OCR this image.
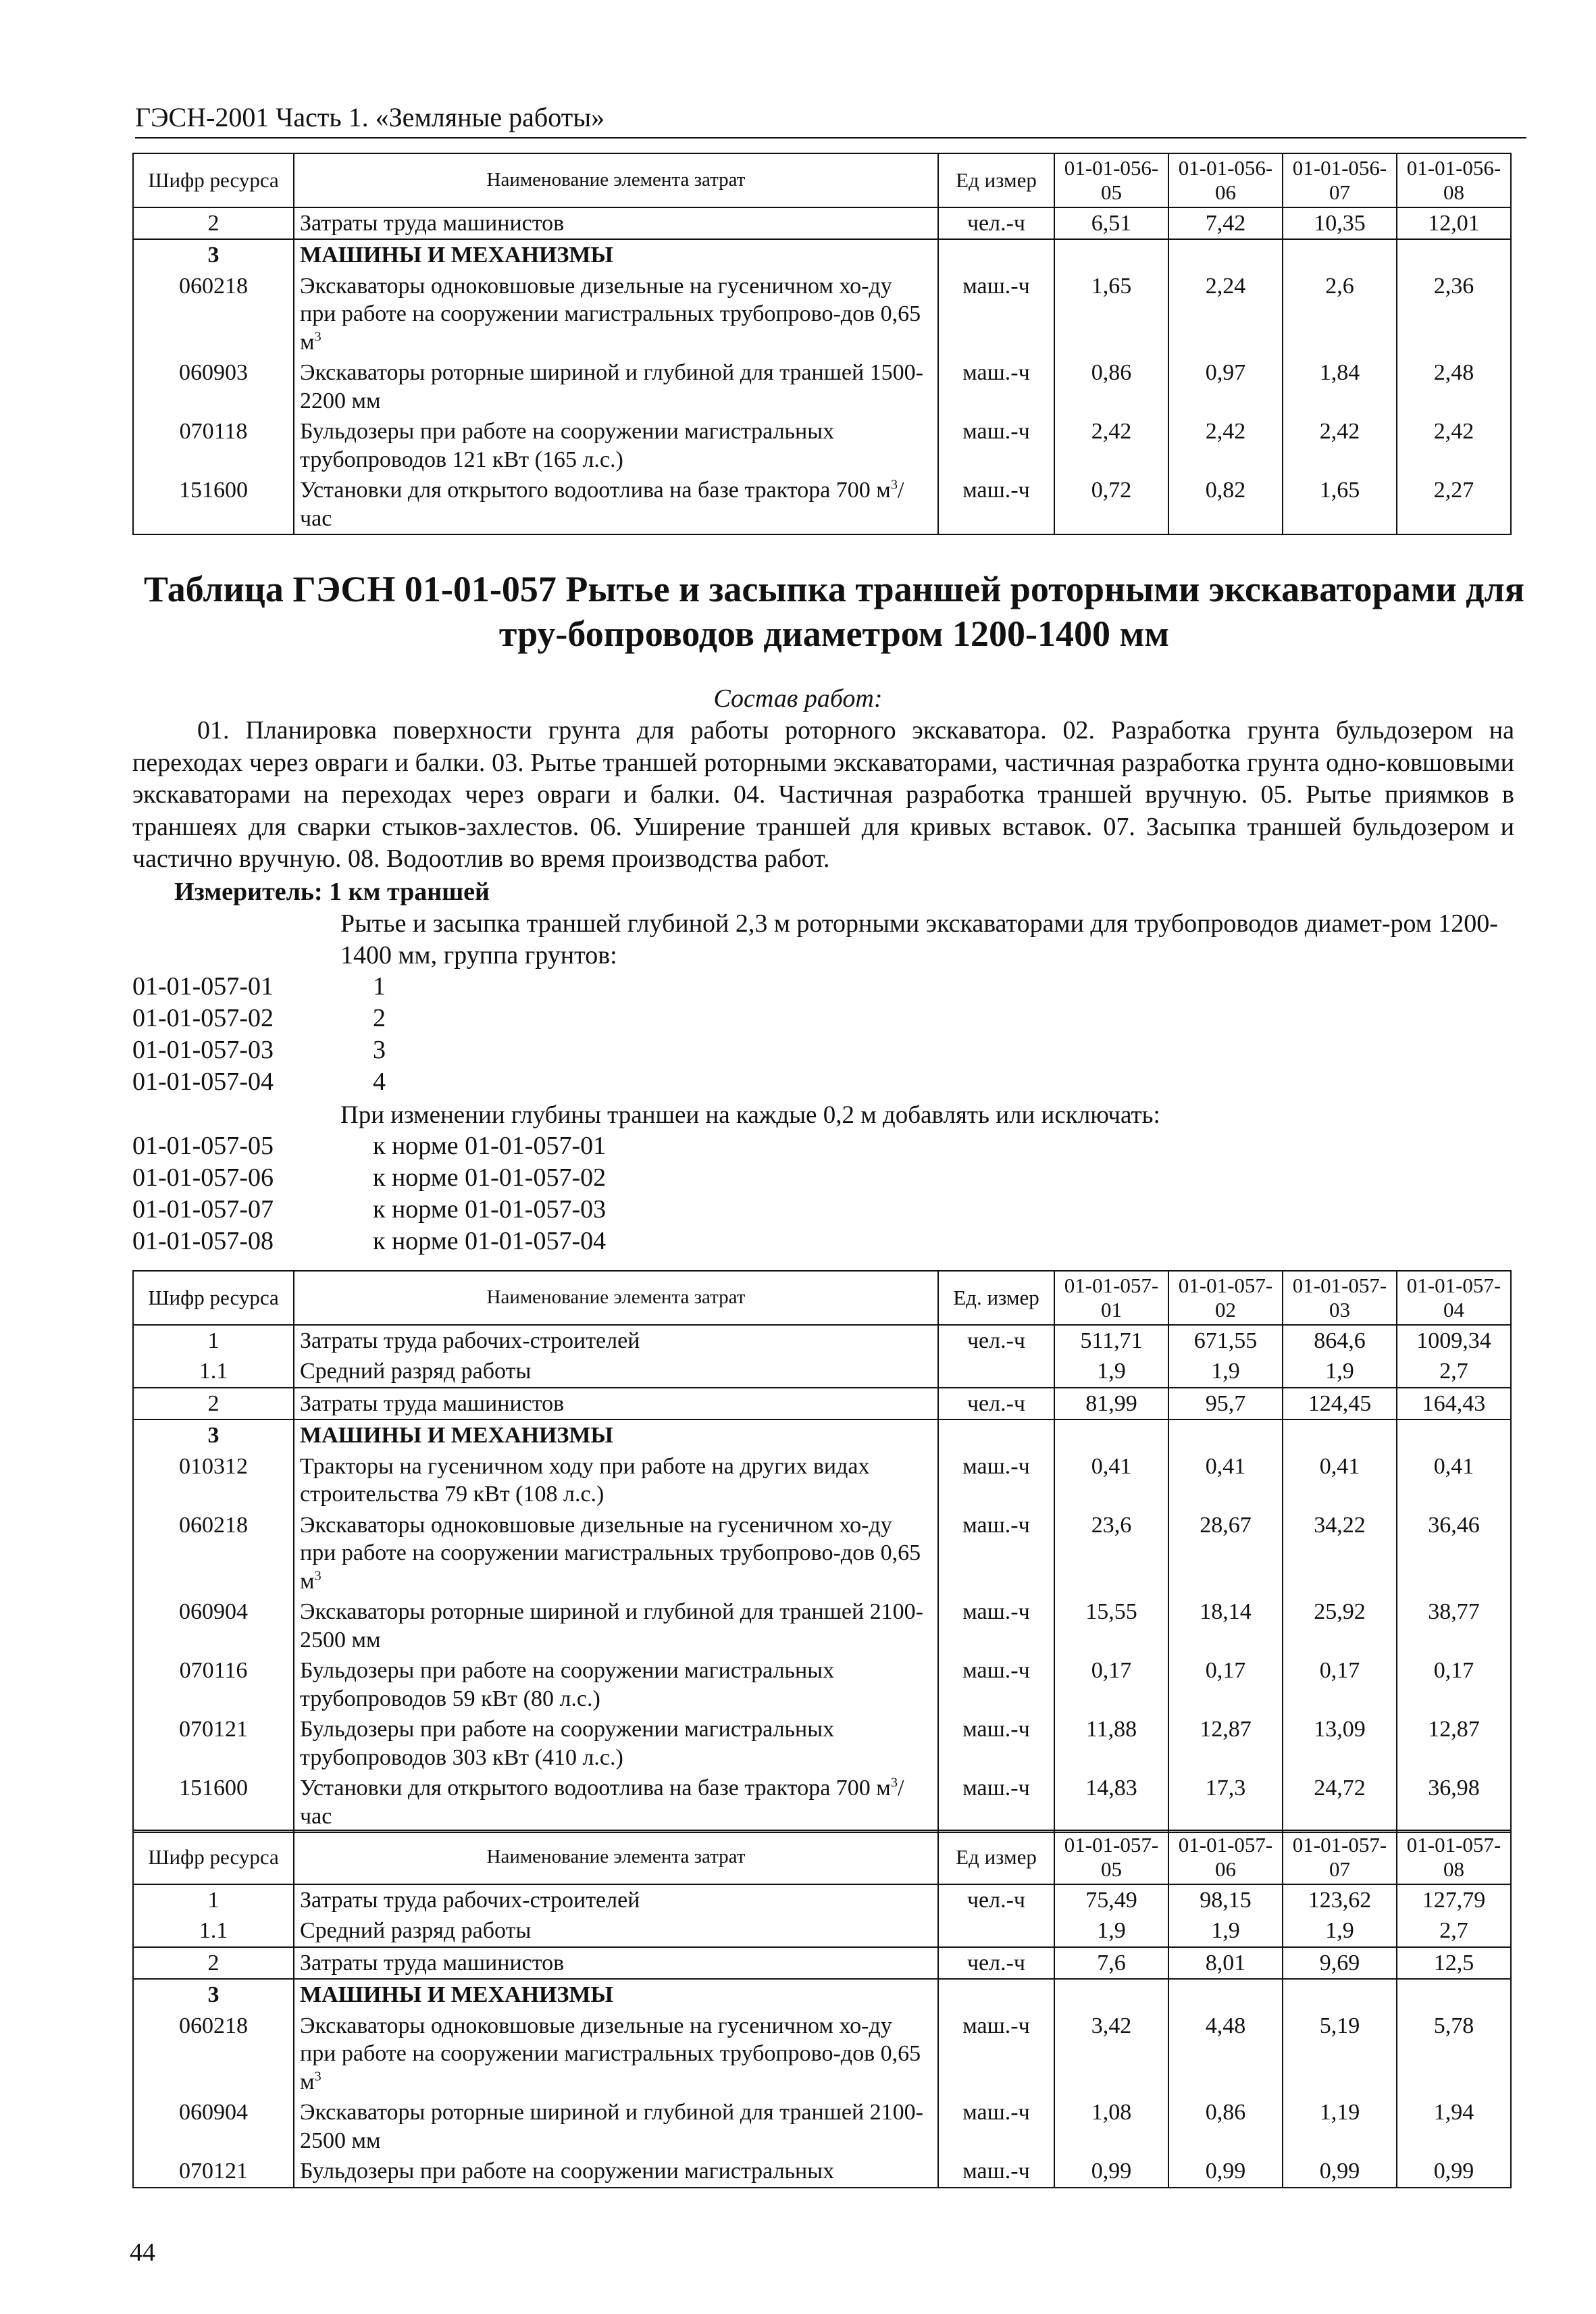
ГЭСН-2001 Часть 1. «Земляные работы»
Шифр ресурса	Наименование элемента затрат	Ед измер	01-01-056-05	01-01-056-06	01-01-056-07	01-01-056-08
2	Затраты труда машинистов	чел.-ч	6,51	7,42	10,35	12,01
3	МАШИНЫ И МЕХАНИЗМЫ					
060218	Экскаваторы одноковшовые дизельные на гусеничном хо-ду при работе на сооружении магистральных трубопрово-дов 0,65 $м^3$	маш.-ч	1,65	2,24	2,6	2,36
060903	Экскаваторы роторные шириной и глубиной для траншей 1500-2200 мм	маш.-ч	0,86	0,97	1,84	2,48
070118	Бульдозеры при работе на сооружении магистральных трубопроводов 121 кВт (165 л.с.)	маш.-ч	2,42	2,42	2,42	2,42
151600	Установки для открытого водоотлива на базе трактора 700 $м^3$/час	маш.-ч	0,72	0,82	1,65	2,27
Таблица ГЭСН 01-01-057 Рытье и засыпка траншей роторными экскаваторами для тру-бопроводов диаметром 1200-1400 мм
Состав работ:
01. Планировка поверхности грунта для работы роторного экскаватора. 02. Разработка грунта бульдозером на переходах через овраги и балки. 03. Рытье траншей роторными экскаваторами, частичная разработка грунта одно-ковшовыми экскаваторами на переходах через овраги и балки. 04. Частичная разработка траншей вручную. 05. Рытье приямков в траншеях для сварки стыков-захлестов. 06. Уширение траншей для кривых вставок. 07. Засыпка траншей бульдозером и частично вручную. 08. Водоотлив во время производства работ.
Измеритель: 1 км траншей
Рытье и засыпка траншей глубиной 2,3 м роторными экскаваторами для трубопроводов диамет-ром 1200-1400 мм, группа грунтов:
01-01-057-01	1
01-01-057-02	2
01-01-057-03	3
01-01-057-04	4
При изменении глубины траншеи на каждые 0,2 м добавлять или исключать:
01-01-057-05	к норме 01-01-057-01
01-01-057-06	к норме 01-01-057-02
01-01-057-07	к норме 01-01-057-03
01-01-057-08	к норме 01-01-057-04
Шифр ресурса	Наименование элемента затрат	Ед. измер	01-01-057-01	01-01-057-02	01-01-057-03	01-01-057-04
1	Затраты труда рабочих-строителей	чел.-ч	511,71	671,55	864,6	1009,34
1.1	Средний разряд работы		1,9	1,9	1,9	2,7
2	Затраты труда машинистов	чел.-ч	81,99	95,7	124,45	164,43
3	МАШИНЫ И МЕХАНИЗМЫ					
010312	Тракторы на гусеничном ходу при работе на других видах строительства 79 кВт (108 л.с.)	маш.-ч	0,41	0,41	0,41	0,41
060218	Экскаваторы одноковшовые дизельные на гусеничном хо-ду при работе на сооружении магистральных трубопрово-дов 0,65 $м^3$	маш.-ч	23,6	28,67	34,22	36,46
060904	Экскаваторы роторные шириной и глубиной для траншей 2100-2500 мм	маш.-ч	15,55	18,14	25,92	38,77
070116	Бульдозеры при работе на сооружении магистральных трубопроводов 59 кВт (80 л.с.)	маш.-ч	0,17	0,17	0,17	0,17
070121	Бульдозеры при работе на сооружении магистральных трубопроводов 303 кВт (410 л.с.)	маш.-ч	11,88	12,87	13,09	12,87
151600	Установки для открытого водоотлива на базе трактора 700 $м^3$/час	маш.-ч	14,83	17,3	24,72	36,98
Шифр ресурса	Наименование элемента затрат	Ед измер	01-01-057-05	01-01-057-06	01-01-057-07	01-01-057-08
1	Затраты труда рабочих-строителей	чел.-ч	75,49	98,15	123,62	127,79
1.1	Средний разряд работы		1,9	1,9	1,9	2,7
2	Затраты труда машинистов	чел.-ч	7,6	8,01	9,69	12,5
3	МАШИНЫ И МЕХАНИЗМЫ					
060218	Экскаваторы одноковшовые дизельные на гусеничном хо-ду при работе на сооружении магистральных трубопрово-дов 0,65 $м^3$	маш.-ч	3,42	4,48	5,19	5,78
060904	Экскаваторы роторные шириной и глубиной для траншей 2100-2500 мм	маш.-ч	1,08	0,86	1,19	1,94
070121	Бульдозеры при работе на сооружении магистральных	маш.-ч	0,99	0,99	0,99	0,99
44
